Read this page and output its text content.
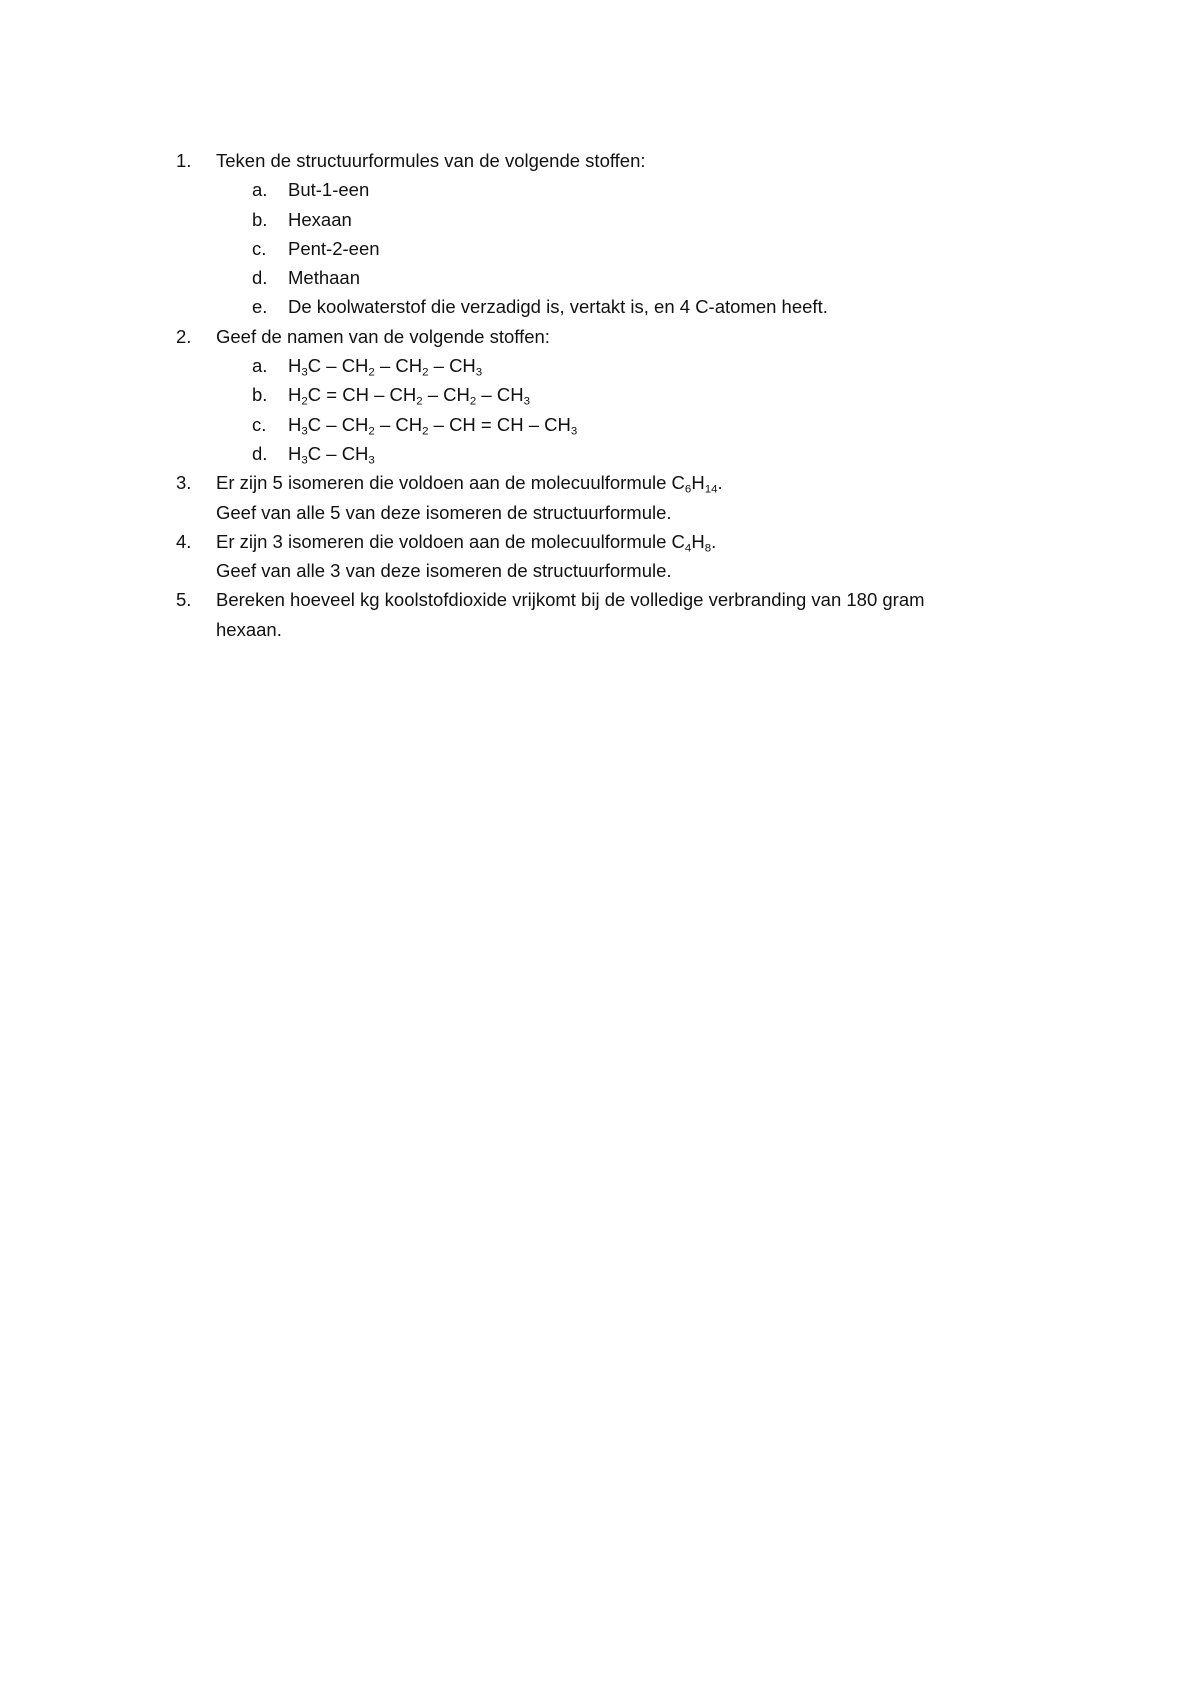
1.	Teken de structuurformules van de volgende stoffen:
a.	But-1-een
b.	Hexaan
c.	Pent-2-een
d.	Methaan
e.	De koolwaterstof die verzadigd is, vertakt is, en 4 C-atomen heeft.
2.	Geef de namen van de volgende stoffen:
a.	$H_3C - CH_2 - CH_2 - CH_3$
b.	$H_2C$ = CH – $CH_2 - CH_2 - CH_3$
c.	$H_3C - CH_2 - CH_2$ – CH = CH – $CH_3$
d.	$H_3C - CH_3$
3.	Er zijn 5 isomeren die voldoen aan de molecuulformule $C_6H_{14}$.
Geef van alle 5 van deze isomeren de structuurformule.
4.	Er zijn 3 isomeren die voldoen aan de molecuulformule $C_4H_8$.
Geef van alle 3 van deze isomeren de structuurformule.
5.	Bereken hoeveel kg koolstofdioxide vrijkomt bij de volledige verbranding van 180 gram
hexaan.
